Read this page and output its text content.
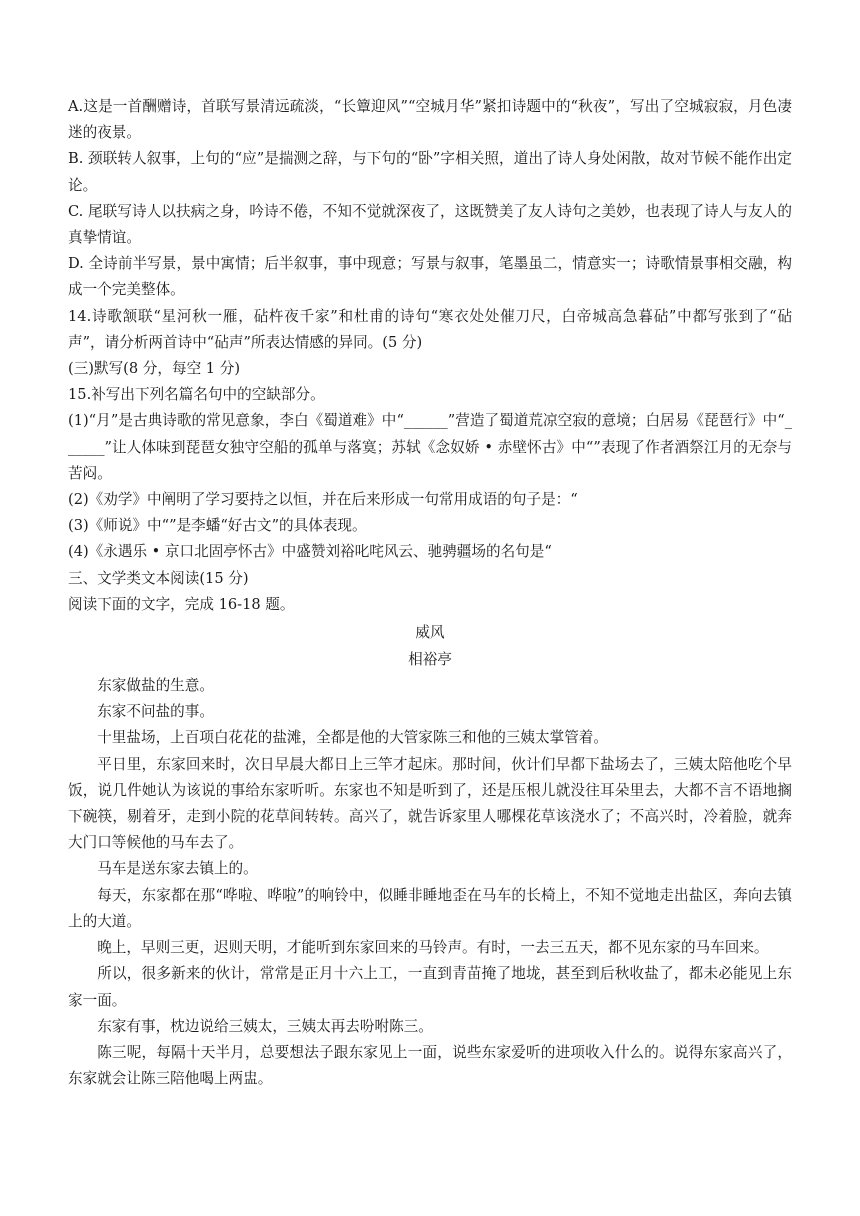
A.这是一首酬赠诗，首联写景清远疏淡，“长簟迎风”“空城月华”紧扣诗题中的“秋夜”，写出了空城寂寂，月色凄迷的夜景。

B. 颈联转人叙事，上句的“应”是揣测之辞，与下句的“卧”字相关照，道出了诗人身处闲散，故对节候不能作出定论。

C. 尾联写诗人以扶病之身，吟诗不倦，不知不觉就深夜了，这既赞美了友人诗句之美妙，也表现了诗人与友人的真挚情谊。

D. 全诗前半写景，景中寓情；后半叙事，事中现意；写景与叙事，笔墨虽二，情意实一；诗歌情景事相交融，构成一个完美整体。

14.诗歌颔联“星河秋一雁，砧杵夜千家”和杜甫的诗句“寒衣处处催刀尺，白帝城高急暮砧”中都写张到了“砧声”，请分析两首诗中“砧声”所表达情感的异同。(5 分)

(三)默写(8 分，每空 1 分)

15.补写出下列名篇名句中的空缺部分。

(1)“月”是古典诗歌的常见意象，李白《蜀道难》中“______”营造了蜀道荒凉空寂的意境；白居易《琵琶行》中“______”让人体味到琵琶女独守空船的孤单与落寞；苏轼《念奴娇 • 赤壁怀古》中“”表现了作者酒祭江月的无奈与苦闷。

(2)《劝学》中阐明了学习要持之以恒，并在后来形成一句常用成语的句子是：“

(3)《师说》中“”是李蟠“好古文”的具体表现。

(4)《永遇乐 • 京口北固亭怀古》中盛赞刘裕叱咤风云、驰骋疆场的名句是“

三、文学类文本阅读(15 分)

阅读下面的文字，完成 16-18 题。

威风

相裕亭

东家做盐的生意。

东家不问盐的事。

十里盐场，上百项白花花的盐滩，全都是他的大管家陈三和他的三姨太掌管着。

平日里，东家回来时，次日早晨大都日上三竿才起床。那时间，伙计们早都下盐场去了，三姨太陪他吃个早饭，说几件她认为该说的事给东家听听。东家也不知是听到了，还是压根儿就没往耳朵里去，大都不言不语地搁下碗筷，剔着牙，走到小院的花草间转转。高兴了，就告诉家里人哪棵花草该浇水了；不高兴时，冷着脸，就奔大门口等候他的马车去了。

马车是送东家去镇上的。

每天，东家都在那“哗啦、哗啦”的响铃中，似睡非睡地歪在马车的长椅上，不知不觉地走出盐区，奔向去镇上的大道。

晚上，早则三更，迟则天明，才能听到东家回来的马铃声。有时，一去三五天，都不见东家的马车回来。

所以，很多新来的伙计，常常是正月十六上工，一直到青苗掩了地垅，甚至到后秋收盐了，都未必能见上东家一面。

东家有事，枕边说给三姨太，三姨太再去吩咐陈三。

陈三呢，每隔十天半月，总要想法子跟东家见上一面，说些东家爱听的进项收入什么的。说得东家高兴了，东家就会让陈三陪他喝上两盅。
